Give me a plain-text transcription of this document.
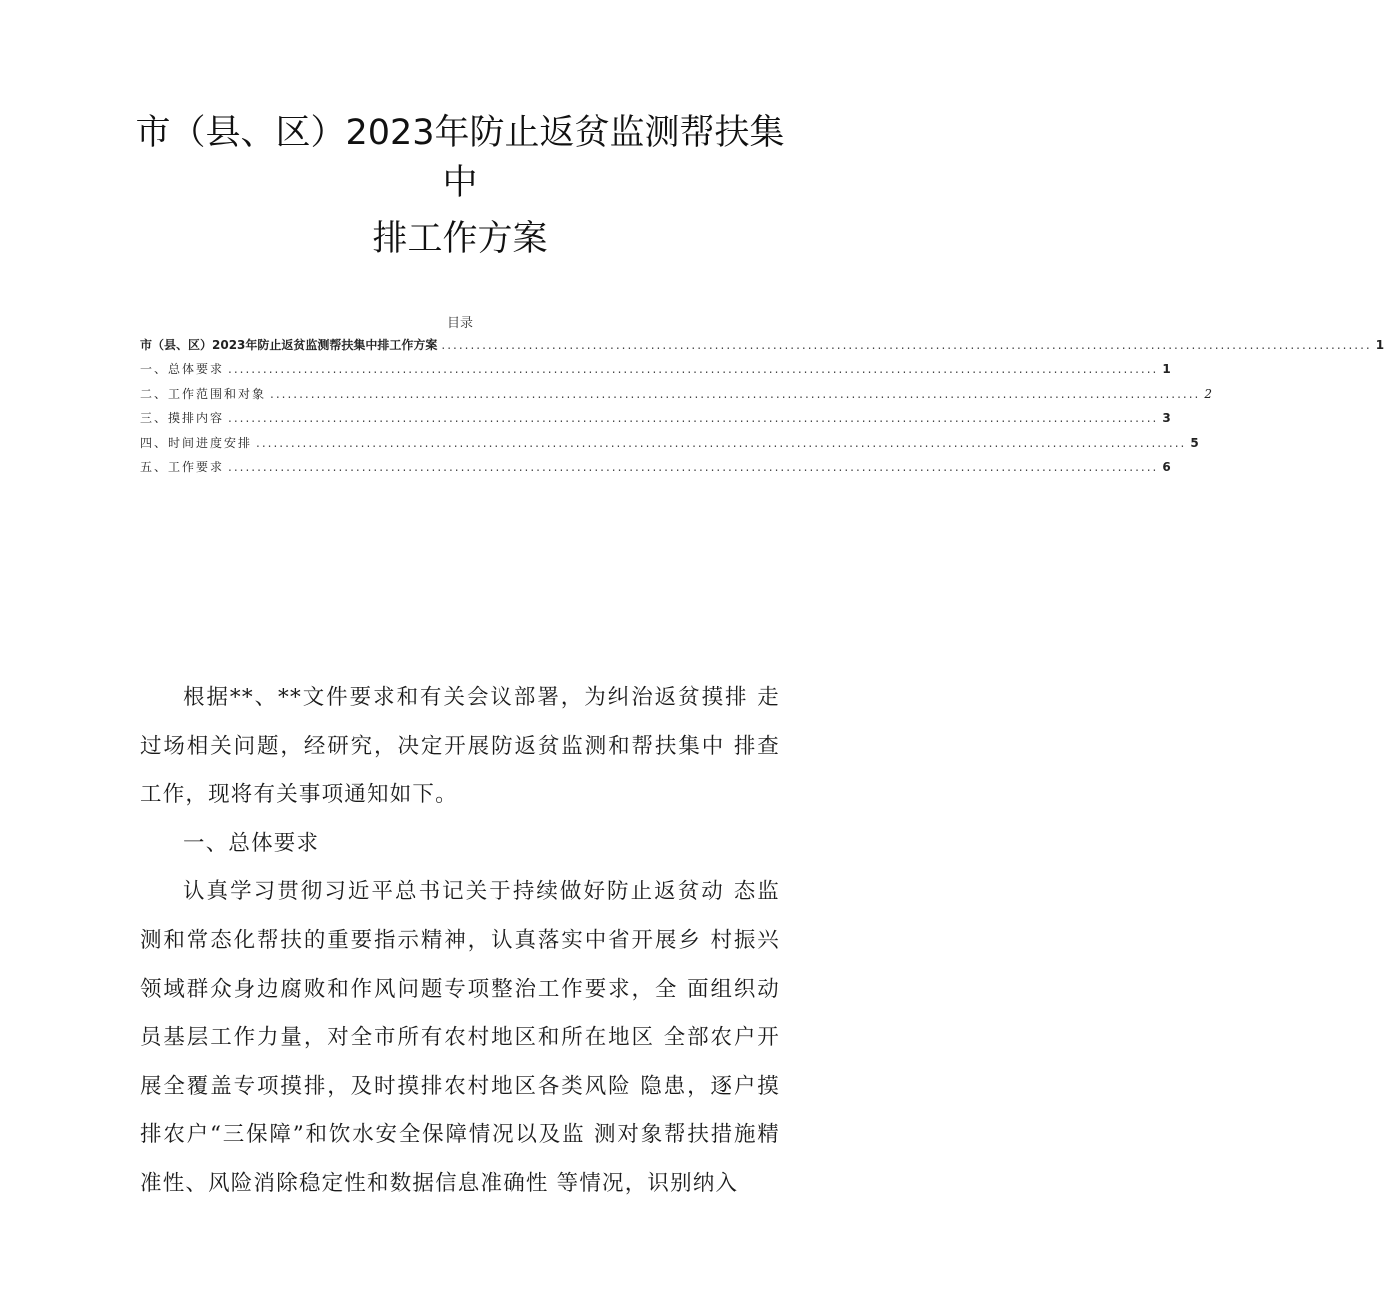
市（县、区）2023年防止返贫监测帮扶集
中
排工作方案
目录
市（县、区）2023年防止返贫监测帮扶集中排工作方案 ................................................................................................................................................................ 1
一、总体要求 ................................................................................................................................................................ 1
二、工作范围和对象 ................................................................................................................................................................ 2
三、摸排内容 ................................................................................................................................................................ 3
四、时间进度安排 ................................................................................................................................................................ 5
五、工作要求 ................................................................................................................................................................ 6

根据**、**文件要求和有关会议部署，为纠治返贫摸排 走过场相关问题，经研究，决定开展防返贫监测和帮扶集中 排查工作，现将有关事项通知如下。

一、总体要求

认真学习贯彻习近平总书记关于持续做好防止返贫动 态监测和常态化帮扶的重要指示精神，认真落实中省开展乡 村振兴领域群众身边腐败和作风问题专项整治工作要求，全 面组织动员基层工作力量，对全市所有农村地区和所在地区 全部农户开展全覆盖专项摸排，及时摸排农村地区各类风险 隐患，逐户摸排农户“三保障”和饮水安全保障情况以及监 测对象帮扶措施精准性、风险消除稳定性和数据信息准确性 等情况，识别纳入
